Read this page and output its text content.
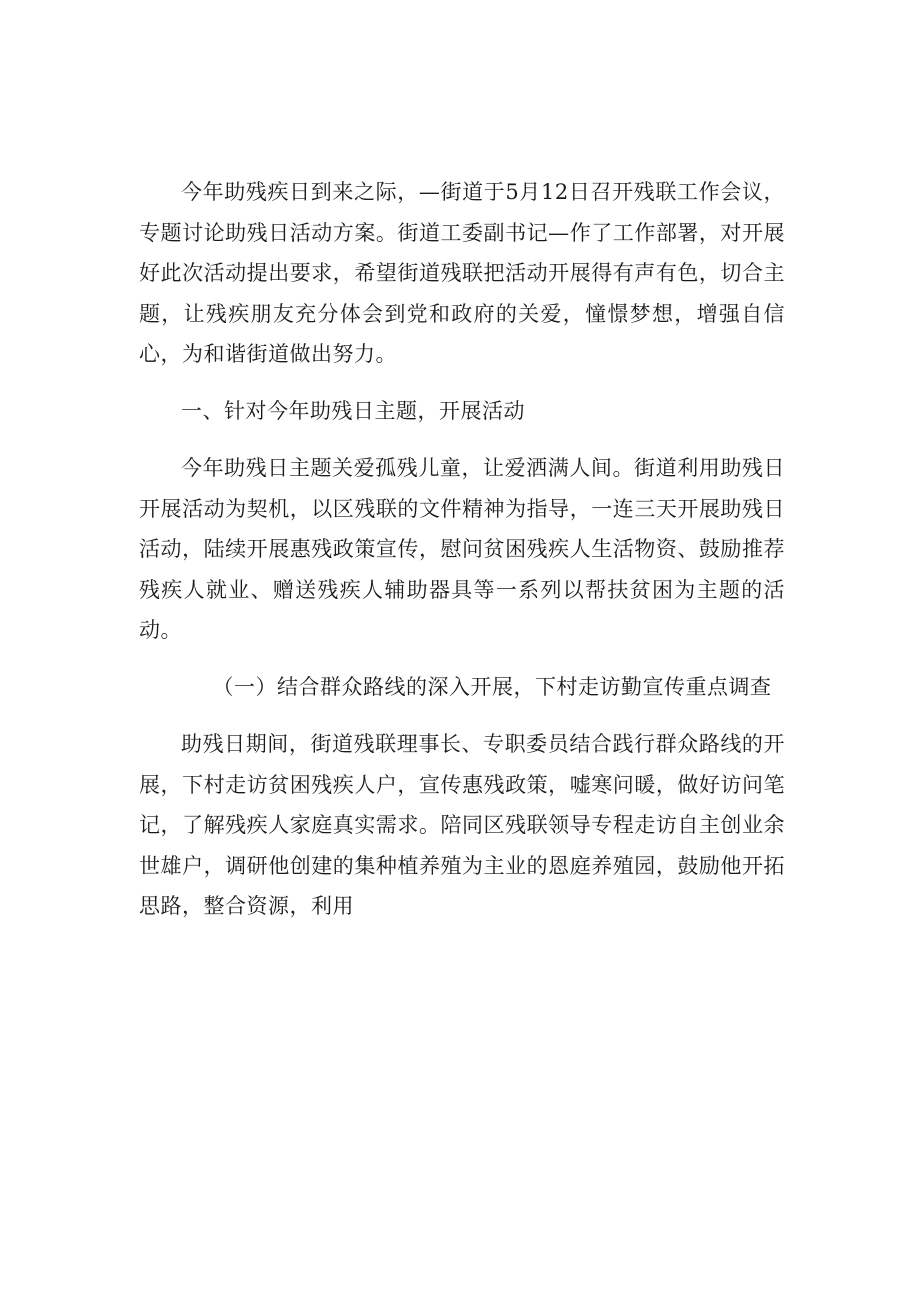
今年助残疾日到来之际，—街道于5月12日召开残联工作会议，专题讨论助残日活动方案。街道工委副书记—作了工作部署，对开展好此次活动提出要求，希望街道残联把活动开展得有声有色，切合主题，让残疾朋友充分体会到党和政府的关爱，憧憬梦想，增强自信心，为和谐街道做出努力。

一、针对今年助残日主题，开展活动

今年助残日主题关爱孤残儿童，让爱洒满人间。街道利用助残日开展活动为契机，以区残联的文件精神为指导，一连三天开展助残日活动，陆续开展惠残政策宣传，慰问贫困残疾人生活物资、鼓励推荐残疾人就业、赠送残疾人辅助器具等一系列以帮扶贫困为主题的活动。

（一）结合群众路线的深入开展，下村走访勤宣传重点调查

助残日期间，街道残联理事长、专职委员结合践行群众路线的开展，下村走访贫困残疾人户，宣传惠残政策，嘘寒问暖，做好访问笔记，了解残疾人家庭真实需求。陪同区残联领导专程走访自主创业余世雄户，调研他创建的集种植养殖为主业的恩庭养殖园，鼓励他开拓思路，整合资源，利用
